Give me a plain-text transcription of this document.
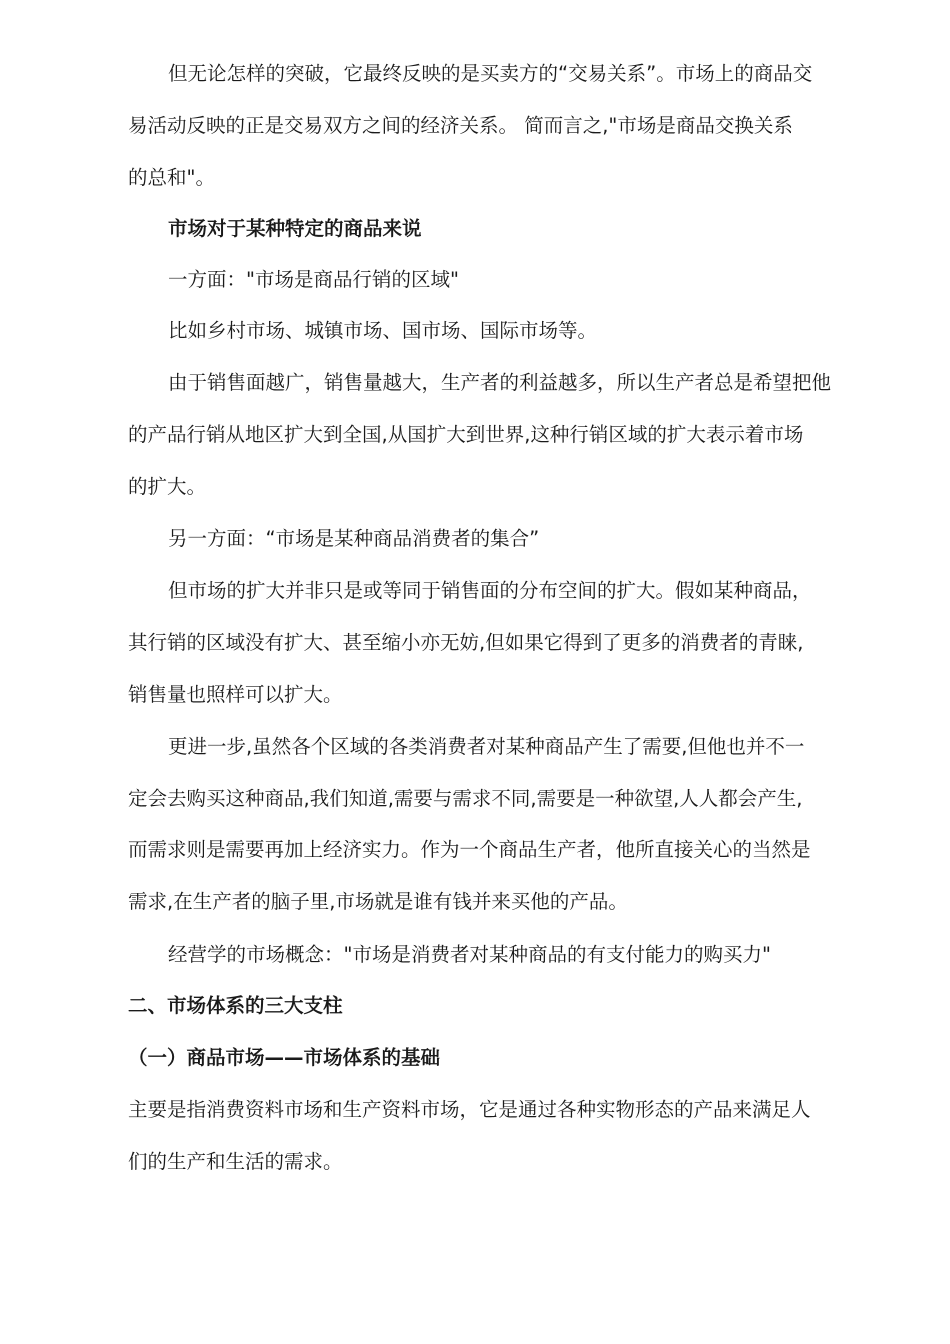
但无论怎样的突破，它最终反映的是买卖方的“交易关系”。市场上的商品交
易活动反映的正是交易双方之间的经济关系。 简而言之,"市场是商品交换关系
的总和"。
市场对于某种特定的商品来说
一方面："市场是商品行销的区域"
比如乡村市场、城镇市场、国市场、国际市场等。
由于销售面越广，销售量越大，生产者的利益越多，所以生产者总是希望把他
的产品行销从地区扩大到全国,从国扩大到世界,这种行销区域的扩大表示着市场
的扩大。
另一方面：“市场是某种商品消费者的集合”
但市场的扩大并非只是或等同于销售面的分布空间的扩大。假如某种商品，
其行销的区域没有扩大、甚至缩小亦无妨,但如果它得到了更多的消费者的青睐,
销售量也照样可以扩大。
更进一步,虽然各个区域的各类消费者对某种商品产生了需要,但他也并不一
定会去购买这种商品,我们知道,需要与需求不同,需要是一种欲望,人人都会产生,
而需求则是需要再加上经济实力。作为一个商品生产者，他所直接关心的当然是
需求,在生产者的脑子里,市场就是谁有钱并来买他的产品。
经营学的市场概念："市场是消费者对某种商品的有支付能力的购买力"
二、市场体系的三大支柱
（一）商品市场——市场体系的基础
主要是指消费资料市场和生产资料市场，它是通过各种实物形态的产品来满足人
们的生产和生活的需求。
